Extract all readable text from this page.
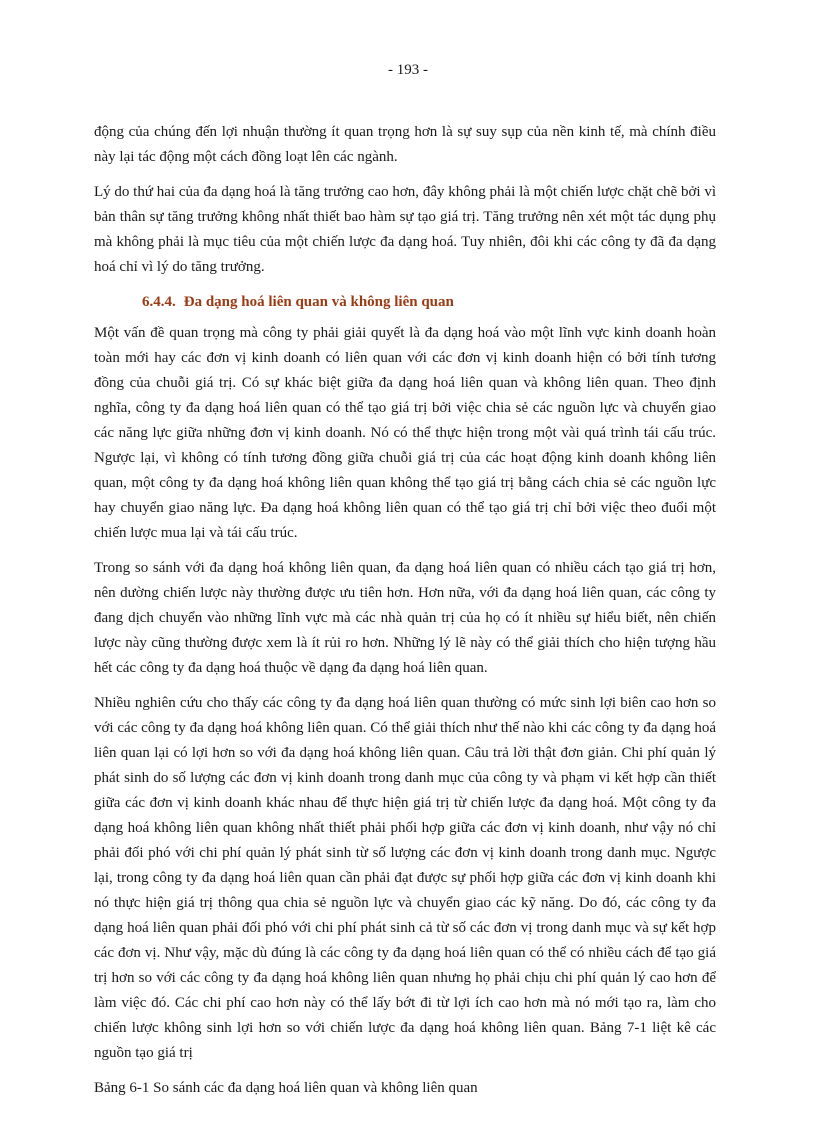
- 193 -

động của chúng đến lợi nhuận thường ít quan trọng hơn là sự suy sụp của nền kinh tế, mà chính điều này lại tác động một cách đồng loạt lên các ngành.

Lý do thứ hai của đa dạng hoá là tăng trưởng cao hơn, đây không phải là một chiến lược chặt chẽ bởi vì bản thân sự tăng trưởng không nhất thiết bao hàm sự tạo giá trị. Tăng trưởng nên xét một tác dụng phụ mà không phải là mục tiêu của một chiến lược đa dạng hoá. Tuy nhiên, đôi khi các công ty đã đa dạng hoá chỉ vì lý do tăng trưởng.

6.4.4. Đa dạng hoá liên quan và không liên quan

Một vấn đề quan trọng mà công ty phải giải quyết là đa dạng hoá vào một lĩnh vực kinh doanh hoàn toàn mới hay các đơn vị kinh doanh có liên quan với các đơn vị kinh doanh hiện có bởi tính tương đồng của chuỗi giá trị. Có sự khác biệt giữa đa dạng hoá liên quan và không liên quan. Theo định nghĩa, công ty đa dạng hoá liên quan có thể tạo giá trị bởi việc chia sẻ các nguồn lực và chuyển giao các năng lực giữa những đơn vị kinh doanh. Nó có thể thực hiện trong một vài quá trình tái cấu trúc. Ngược lại, vì không có tính tương đồng giữa chuỗi giá trị của các hoạt động kinh doanh không liên quan, một công ty đa dạng hoá không liên quan không thể tạo giá trị bằng cách chia sẻ các nguồn lực hay chuyển giao năng lực. Đa dạng hoá không liên quan có thể tạo giá trị chỉ bởi việc theo đuổi một chiến lược mua lại và tái cấu trúc.

Trong so sánh với đa dạng hoá không liên quan, đa dạng hoá liên quan có nhiều cách tạo giá trị hơn, nên dường chiến lược này thường được ưu tiên hơn. Hơn nữa, với đa dạng hoá liên quan, các công ty đang dịch chuyển vào những lĩnh vực mà các nhà quản trị của họ có ít nhiều sự hiểu biết, nên chiến lược này cũng thường được xem là ít rủi ro hơn. Những lý lẽ này có thể giải thích cho hiện tượng hầu hết các công ty đa dạng hoá thuộc về dạng đa dạng hoá liên quan.

Nhiều nghiên cứu cho thấy các công ty đa dạng hoá liên quan thường có mức sinh lợi biên cao hơn so với các công ty đa dạng hoá không liên quan. Có thể giải thích như thế nào khi các công ty đa dạng hoá liên quan lại có lợi hơn so với đa dạng hoá không liên quan. Câu trả lời thật đơn giản. Chi phí quản lý phát sinh do số lượng các đơn vị kinh doanh trong danh mục của công ty và phạm vi kết hợp cần thiết giữa các đơn vị kinh doanh khác nhau để thực hiện giá trị từ chiến lược đa dạng hoá. Một công ty đa dạng hoá không liên quan không nhất thiết phải phối hợp giữa các đơn vị kinh doanh, như vậy nó chỉ phải đối phó với chi phí quản lý phát sinh từ số lượng các đơn vị kinh doanh trong danh mục. Ngược lại, trong công ty đa dạng hoá liên quan cần phải đạt được sự phối hợp giữa các đơn vị kinh doanh khi nó thực hiện giá trị thông qua chia sẻ nguồn lực và chuyển giao các kỹ năng. Do đó, các công ty đa dạng hoá liên quan phải đối phó với chi phí phát sinh cả từ số các đơn vị trong danh mục và sự kết hợp các đơn vị. Như vậy, mặc dù đúng là các công ty đa dạng hoá liên quan có thể có nhiều cách để tạo giá trị hơn so với các công ty đa dạng hoá không liên quan nhưng họ phải chịu chi phí quản lý cao hơn để làm việc đó. Các chi phí cao hơn này có thể lấy bớt đi từ lợi ích cao hơn mà nó mới tạo ra, làm cho chiến lược không sinh lợi hơn so với chiến lược đa dạng hoá không liên quan. Bảng 7-1 liệt kê các nguồn tạo giá trị

Bảng 6-1 So sánh các đa dạng hoá liên quan và không liên quan
